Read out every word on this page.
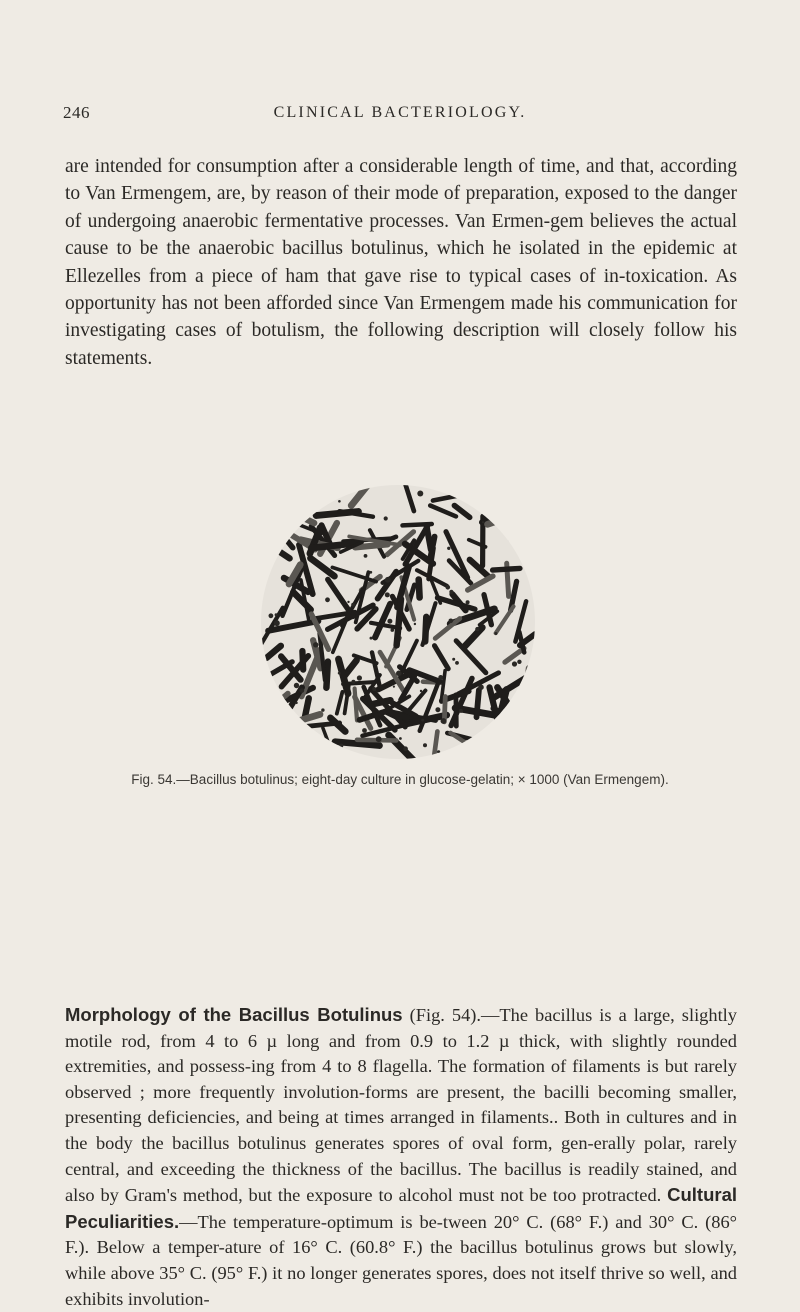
246	CLINICAL BACTERIOLOGY.

are intended for consumption after a considerable length of time, and that, according to Van Ermengem, are, by reason of their mode of preparation, exposed to the danger of undergoing anaerobic fermentative processes. Van Ermen-gem believes the actual cause to be the anaerobic bacillus botulinus, which he isolated in the epidemic at Ellezelles from a piece of ham that gave rise to typical cases of in-toxication. As opportunity has not been afforded since Van Ermengem made his communication for investigating cases of botulism, the following description will closely follow his statements.

Fig. 54.—Bacillus botulinus; eight-day culture in glucose-gelatin; × 1000 (Van Ermengem).

Morphology of the Bacillus Botulinus (Fig. 54).—The bacillus is a large, slightly motile rod, from 4 to 6 µ long and from 0.9 to 1.2 µ thick, with slightly rounded extremities, and possess-ing from 4 to 8 flagella. The formation of filaments is but rarely observed ; more frequently involution-forms are present, the bacilli becoming smaller, presenting deficiencies, and being at times arranged in filaments.. Both in cultures and in the body the bacillus botulinus generates spores of oval form, gen-erally polar, rarely central, and exceeding the thickness of the bacillus. The bacillus is readily stained, and also by Gram's method, but the exposure to alcohol must not be too protracted. Cultural Peculiarities.—The temperature-optimum is be-tween 20° C. (68° F.) and 30° C. (86° F.). Below a temper-ature of 16° C. (60.8° F.) the bacillus botulinus grows but slowly, while above 35° C. (95° F.) it no longer generates spores, does not itself thrive so well, and exhibits involution-
